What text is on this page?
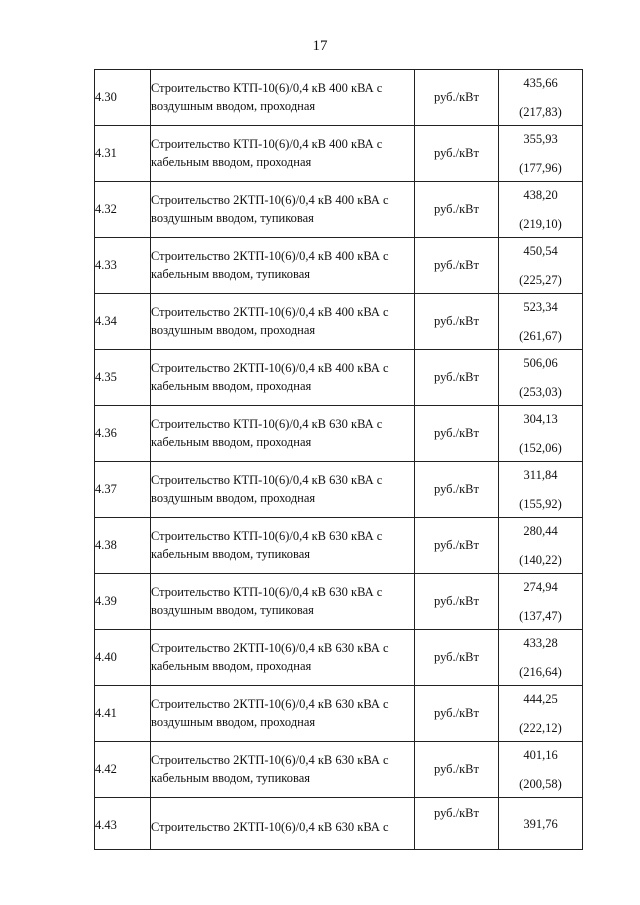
17
4.30	Строительство КТП-10(6)/0,4 кВ 400 кВА с
воздушным вводом, проходная	руб./кВт	435,66
(217,83)

4.31	Строительство КТП-10(6)/0,4 кВ 400 кВА с
кабельным вводом, проходная	руб./кВт	355,93
(177,96)

4.32	Строительство 2КТП-10(6)/0,4 кВ 400 кВА с
воздушным вводом, тупиковая	руб./кВт	438,20
(219,10)

4.33	Строительство 2КТП-10(6)/0,4 кВ 400 кВА с
кабельным вводом, тупиковая	руб./кВт	450,54
(225,27)

4.34	Строительство 2КТП-10(6)/0,4 кВ 400 кВА с
воздушным вводом, проходная	руб./кВт	523,34
(261,67)

4.35	Строительство 2КТП-10(6)/0,4 кВ 400 кВА с
кабельным вводом, проходная	руб./кВт	506,06
(253,03)

4.36	Строительство КТП-10(6)/0,4 кВ 630 кВА с
кабельным вводом, проходная	руб./кВт	304,13
(152,06)

4.37	Строительство КТП-10(6)/0,4 кВ 630 кВА с
воздушным вводом, проходная	руб./кВт	311,84
(155,92)

4.38	Строительство КТП-10(6)/0,4 кВ 630 кВА с
кабельным вводом, тупиковая	руб./кВт	280,44
(140,22)

4.39	Строительство КТП-10(6)/0,4 кВ 630 кВА с
воздушным вводом, тупиковая	руб./кВт	274,94
(137,47)

4.40	Строительство 2КТП-10(6)/0,4 кВ 630 кВА с
кабельным вводом, проходная	руб./кВт	433,28
(216,64)

4.41	Строительство 2КТП-10(6)/0,4 кВ 630 кВА с
воздушным вводом, проходная	руб./кВт	444,25
(222,12)

4.42	Строительство 2КТП-10(6)/0,4 кВ 630 кВА с
кабельным вводом, тупиковая	руб./кВт	401,16
(200,58)

4.43	Строительство 2КТП-10(6)/0,4 кВ 630 кВА с	руб./кВт	391,76
